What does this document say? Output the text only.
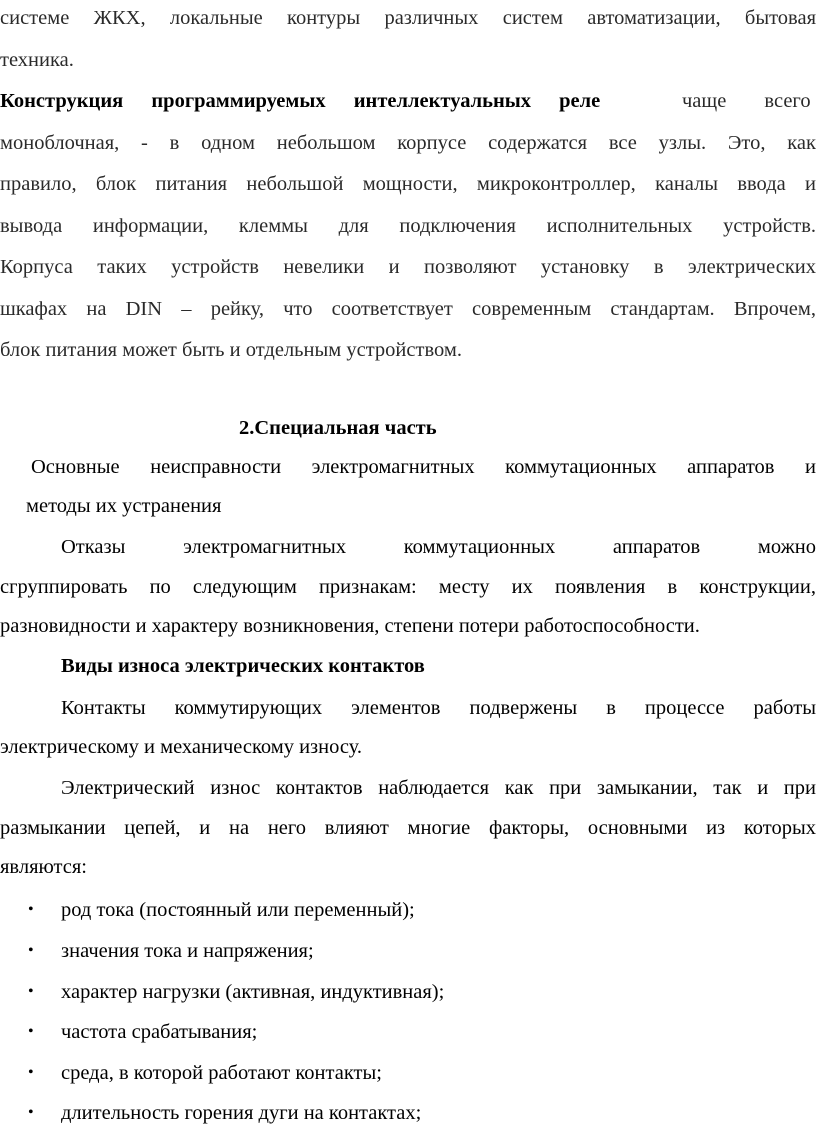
системе ЖКХ, локальные контуры различных систем автоматизации, бытовая

техника.

Конструкция программируемых интеллектуальных реле	чаще всего

моноблочная, - в одном небольшом корпусе содержатся все узлы. Это, как

правило, блок питания небольшой мощности, микроконтроллер, каналы ввода и

вывода информации, клеммы для подключения исполнительных устройств.

Корпуса таких устройств невелики и позволяют установку в электрических

шкафах на DIN – рейку, что соответствует современным стандартам. Впрочем,

блок питания может быть и отдельным устройством.

2.Специальная часть

Основные неисправности электромагнитных коммутационных аппаратов и

методы их устранения

Отказы электромагнитных коммутационных аппаратов можно

сгруппировать по следующим признакам: месту их появления в конструкции,

разновидности и характеру возникновения, степени потери работоспособности.

Виды износа электрических контактов

Контакты коммутирующих элементов подвержены в процессе работы

электрическому и механическому износу.

Электрический износ контактов наблюдается как при замыкании, так и при

размыкании цепей, и на него влияют многие факторы, основными из которых

являются:

• род тока (постоянный или переменный);
• значения тока и напряжения;
• характер нагрузки (активная, индуктивная);
• частота срабатывания;
• среда, в которой работают контакты;
• длительность горения дуги на контактах;
